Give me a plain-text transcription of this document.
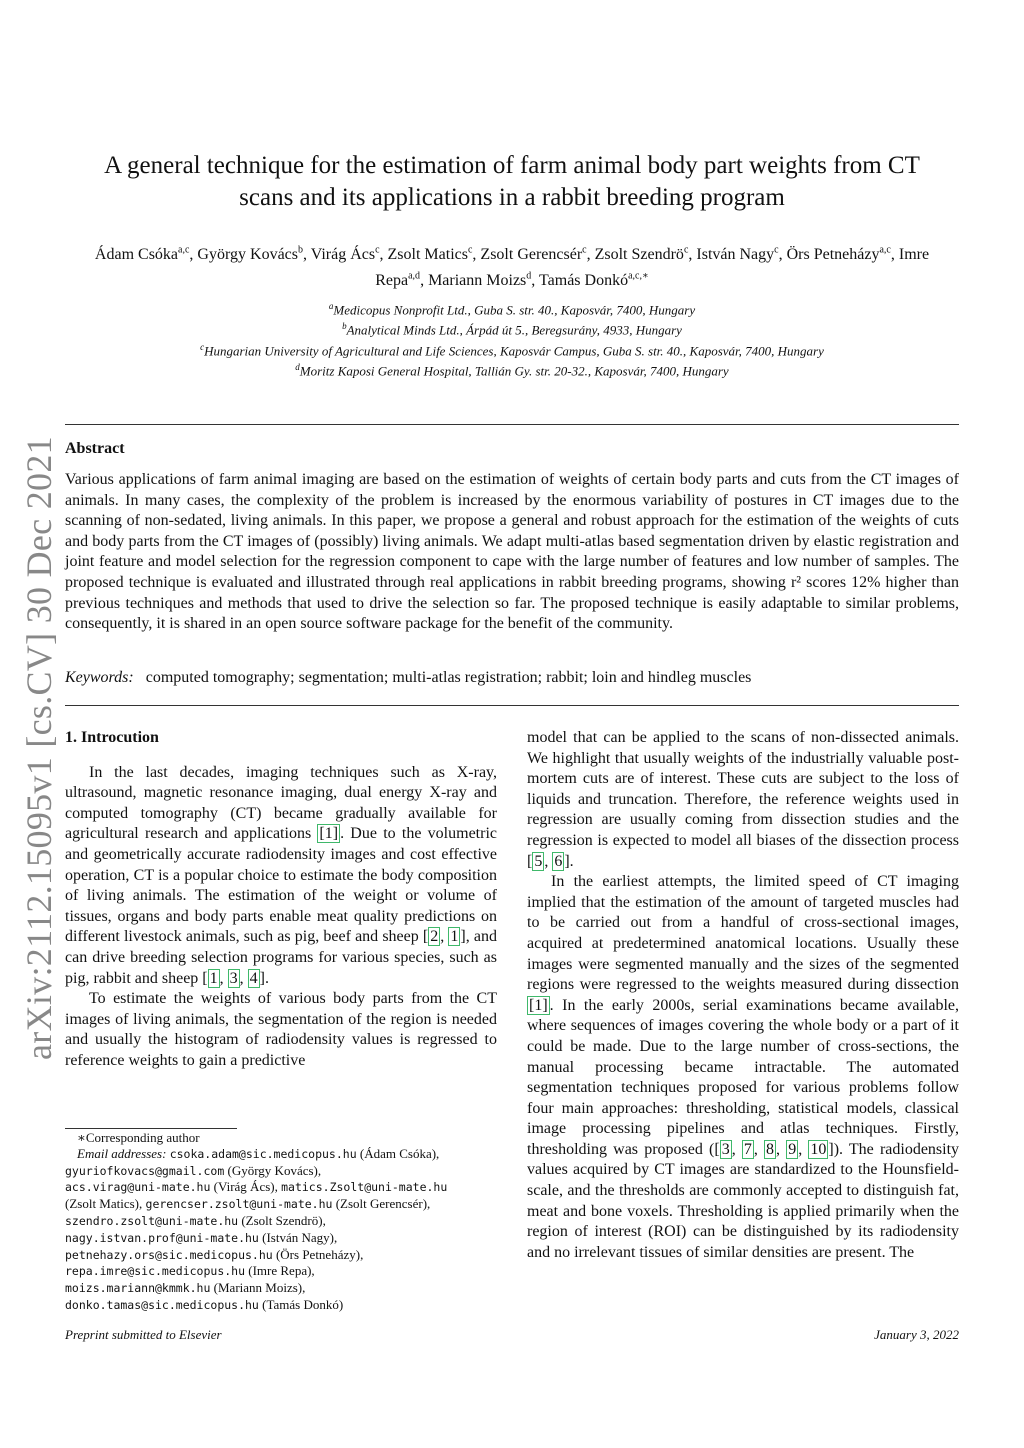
arXiv:2112.15095v1 [cs.CV] 30 Dec 2021
A general technique for the estimation of farm animal body part weights from CT
scans and its applications in a rabbit breeding program
Ádam Csóka$^{a,c}$, György Kovács$^b$, Virág Ács$^c$, Zsolt Matics$^c$, Zsolt Gerencsér$^c$, Zsolt Szendrö$^c$, István Nagy$^c$, Örs Petneházy$^{a,c}$, Imre Repa$^{a,d}$, Mariann Moizs$^d$, Tamás Donkó$^{a,c,∗}$
$^a$Medicopus Nonprofit Ltd., Guba S. str. 40., Kaposvár, 7400, Hungary
$^b$Analytical Minds Ltd., Árpád út 5., Beregsurány, 4933, Hungary
$^c$Hungarian University of Agricultural and Life Sciences, Kaposvár Campus, Guba S. str. 40., Kaposvár, 7400, Hungary
$^d$Moritz Kaposi General Hospital, Tallián Gy. str. 20-32., Kaposvár, 7400, Hungary
Abstract
Various applications of farm animal imaging are based on the estimation of weights of certain body parts and cuts from the CT images of animals. In many cases, the complexity of the problem is increased by the enormous variability of postures in CT images due to the scanning of non-sedated, living animals. In this paper, we propose a general and robust approach for the estimation of the weights of cuts and body parts from the CT images of (possibly) living animals. We adapt multi-atlas based segmentation driven by elastic registration and joint feature and model selection for the regression component to cape with the large number of features and low number of samples. The proposed technique is evaluated and illustrated through real applications in rabbit breeding programs, showing r² scores 12% higher than previous techniques and methods that used to drive the selection so far. The proposed technique is easily adaptable to similar problems, consequently, it is shared in an open source software package for the benefit of the community.
Keywords: computed tomography; segmentation; multi-atlas registration; rabbit; loin and hindleg muscles
1. Introcution

In the last decades, imaging techniques such as X-ray, ultrasound, magnetic resonance imaging, dual energy X-ray and computed tomography (CT) became gradually available for agricultural research and applications [1] . Due to the volumetric and geometrically accurate radiodensity images and cost effective operation, CT is a popular choice to estimate the body composition of living animals. The estimation of the weight or volume of tissues, organs and body parts enable meat quality predictions on different livestock animals, such as pig, beef and sheep [ 2 , 1 ], and can drive breeding selection programs for various species, such as pig, rabbit and sheep [ 1 , 3 , 4 ].

To estimate the weights of various body parts from the CT images of living animals, the segmentation of the region is needed and usually the histogram of radiodensity values is regressed to reference weights to gain a predictive

model that can be applied to the scans of non-dissected animals. We highlight that usually weights of the industrially valuable post-mortem cuts are of interest. These cuts are subject to the loss of liquids and truncation. Therefore, the reference weights used in regression are usually coming from dissection studies and the regression is expected to model all biases of the dissection process [ 5 , 6 ].

In the earliest attempts, the limited speed of CT imaging implied that the estimation of the amount of targeted muscles had to be carried out from a handful of cross-sectional images, acquired at predetermined anatomical locations. Usually these images were segmented manually and the sizes of the segmented regions were regressed to the weights measured during dissection [1] . In the early 2000s, serial examinations became available, where sequences of images covering the whole body or a part of it could be made. Due to the large number of cross-sections, the manual processing became intractable. The automated segmentation techniques proposed for various problems follow four main approaches: thresholding, statistical models, classical image processing pipelines and atlas techniques. Firstly, thresholding was proposed ([ 3 , 7 , 8 , 9 , 10 ]). The radiodensity values acquired by CT images are standardized to the Hounsfield-scale, and the thresholds are commonly accepted to distinguish fat, meat and bone voxels. Thresholding is applied primarily when the region of interest (ROI) can be distinguished by its radiodensity and no irrelevant tissues of similar densities are present. The

∗Corresponding author
Email addresses: csoka.adam@sic.medicopus.hu (Ádam Csóka),
gyuriofkovacs@gmail.com (György Kovács),
acs.virag@uni-mate.hu (Virág Ács), matics.Zsolt@uni-mate.hu
(Zsolt Matics), gerencser.zsolt@uni-mate.hu (Zsolt Gerencsér),
szendro.zsolt@uni-mate.hu (Zsolt Szendrö),
nagy.istvan.prof@uni-mate.hu (István Nagy),
petnehazy.ors@sic.medicopus.hu (Örs Petneházy),
repa.imre@sic.medicopus.hu (Imre Repa),
moizs.mariann@kmmk.hu (Mariann Moizs),
donko.tamas@sic.medicopus.hu (Tamás Donkó)
Preprint submitted to Elsevier	January 3, 2022
